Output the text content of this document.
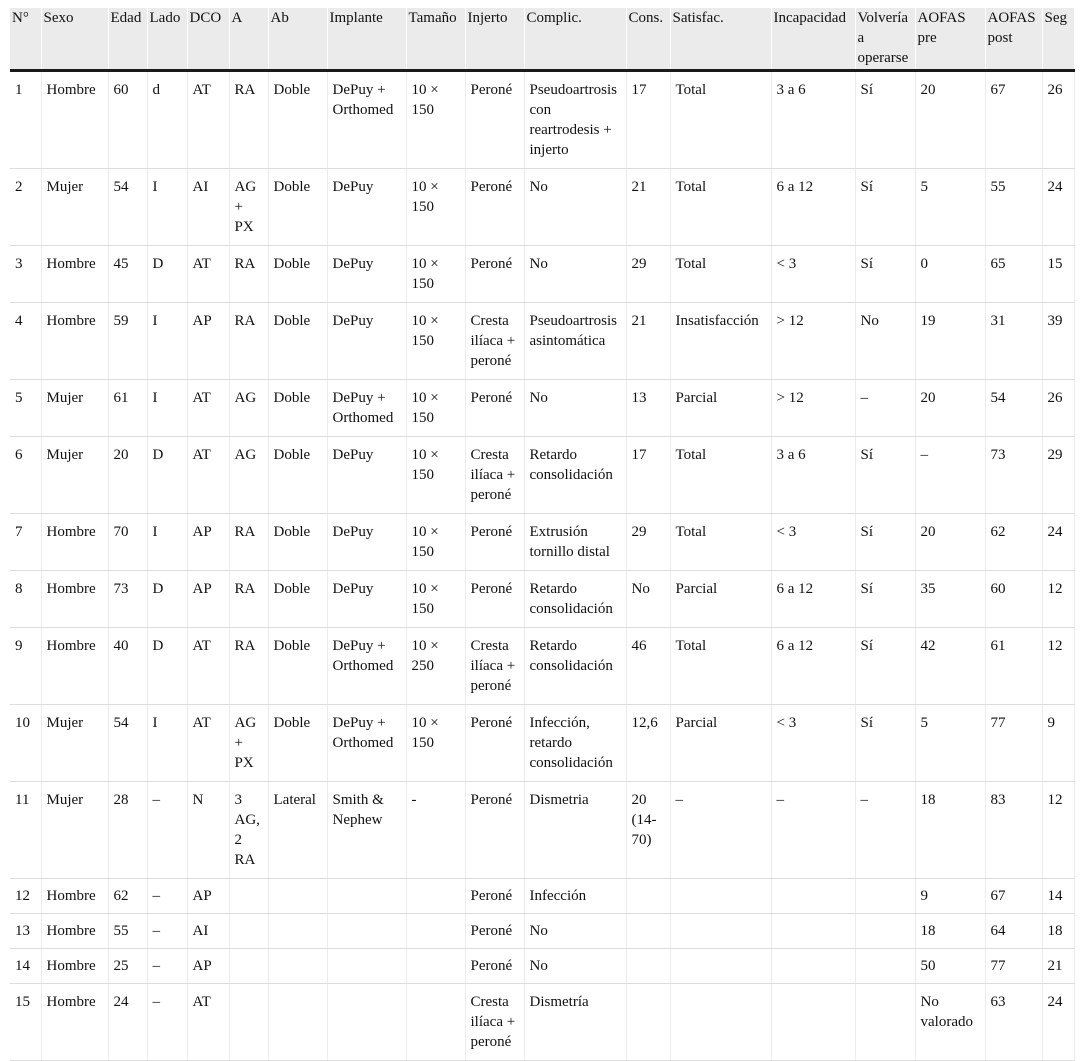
N°	Sexo	Edad	Lado	DCO	A	Ab	Implante	Tamaño	Injerto	Complic.	Cons.	Satisfac.	Incapacidad	Volvería a operarse	AOFAS pre	AOFAS post	Seg
1	Hombre	60	d	AT	RA	Doble	DePuy + Orthomed	10 × 150	Peroné	Pseudoartrosis con reartrodesis + injerto	17	Total	3 a 6	Sí	20	67	26
2	Mujer	54	I	AI	AG + PX	Doble	DePuy	10 × 150	Peroné	No	21	Total	6 a 12	Sí	5	55	24
3	Hombre	45	D	AT	RA	Doble	DePuy	10 × 150	Peroné	No	29	Total	< 3	Sí	0	65	15
4	Hombre	59	I	AP	RA	Doble	DePuy	10 × 150	Cresta ilíaca + peroné	Pseudoartrosis asintomática	21	Insatisfacción	> 12	No	19	31	39
5	Mujer	61	I	AT	AG	Doble	DePuy + Orthomed	10 × 150	Peroné	No	13	Parcial	> 12	–	20	54	26
6	Mujer	20	D	AT	AG	Doble	DePuy	10 × 150	Cresta ilíaca + peroné	Retardo consolidación	17	Total	3 a 6	Sí	–	73	29
7	Hombre	70	I	AP	RA	Doble	DePuy	10 × 150	Peroné	Extrusión tornillo distal	29	Total	< 3	Sí	20	62	24
8	Hombre	73	D	AP	RA	Doble	DePuy	10 × 150	Peroné	Retardo consolidación	No	Parcial	6 a 12	Sí	35	60	12
9	Hombre	40	D	AT	RA	Doble	DePuy + Orthomed	10 × 250	Cresta ilíaca + peroné	Retardo consolidación	46	Total	6 a 12	Sí	42	61	12
10	Mujer	54	I	AT	AG + PX	Doble	DePuy + Orthomed	10 × 150	Peroné	Infección, retardo consolidación	12,6	Parcial	< 3	Sí	5	77	9
11	Mujer	28	–	N	3 AG, 2 RA	Lateral	Smith & Nephew	-	Peroné	Dismetria	20 (14-70)	–	–	–	18	83	12
12	Hombre	62	–	AP					Peroné	Infección					9	67	14
13	Hombre	55	–	AI					Peroné	No					18	64	18
14	Hombre	25	–	AP					Peroné	No					50	77	21
15	Hombre	24	–	AT					Cresta ilíaca + peroné	Dismetría					No valorado	63	24
